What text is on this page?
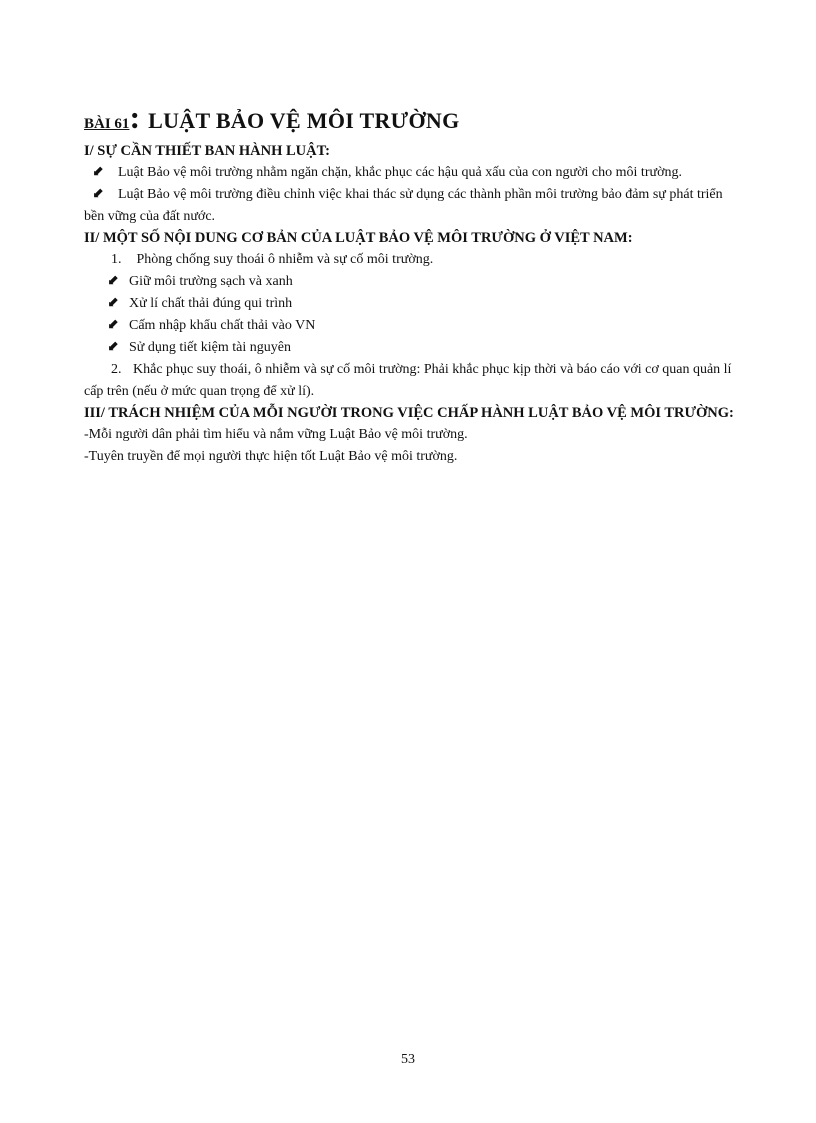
BÀI 61: LUẬT BẢO VỆ MÔI TRƯỜNG
I/ SỰ CẦN THIẾT BAN HÀNH LUẬT:

⬋ Luật Bảo vệ môi trường nhằm ngăn chặn, khắc phục các hậu quả xấu của con người cho môi trường.

⬋ Luật Bảo vệ môi trường điều chỉnh việc khai thác sử dụng các thành phần môi trường bảo đảm sự phát triển bền vững của đất nước.

II/ MỘT SỐ NỘI DUNG CƠ BẢN CỦA LUẬT BẢO VỆ MÔI TRƯỜNG Ở VIỆT NAM:

1. Phòng chống suy thoái ô nhiễm và sự cố môi trường.

⬋ Giữ môi trường sạch và xanh
⬋ Xử lí chất thải đúng qui trình
⬋ Cấm nhập khẩu chất thải vào VN
⬋ Sử dụng tiết kiệm tài nguyên

2. Khắc phục suy thoái, ô nhiễm và sự cố môi trường: Phải khắc phục kịp thời và báo cáo với cơ quan quản lí cấp trên (nếu ở mức quan trọng để xử lí).

III/ TRÁCH NHIỆM CỦA MỖI NGƯỜI TRONG VIỆC CHẤP HÀNH LUẬT BẢO VỆ MÔI TRƯỜNG:

-Mỗi người dân phải tìm hiểu và nắm vững Luật Bảo vệ môi trường.

-Tuyên truyền để mọi người thực hiện tốt Luật Bảo vệ môi trường.

53
